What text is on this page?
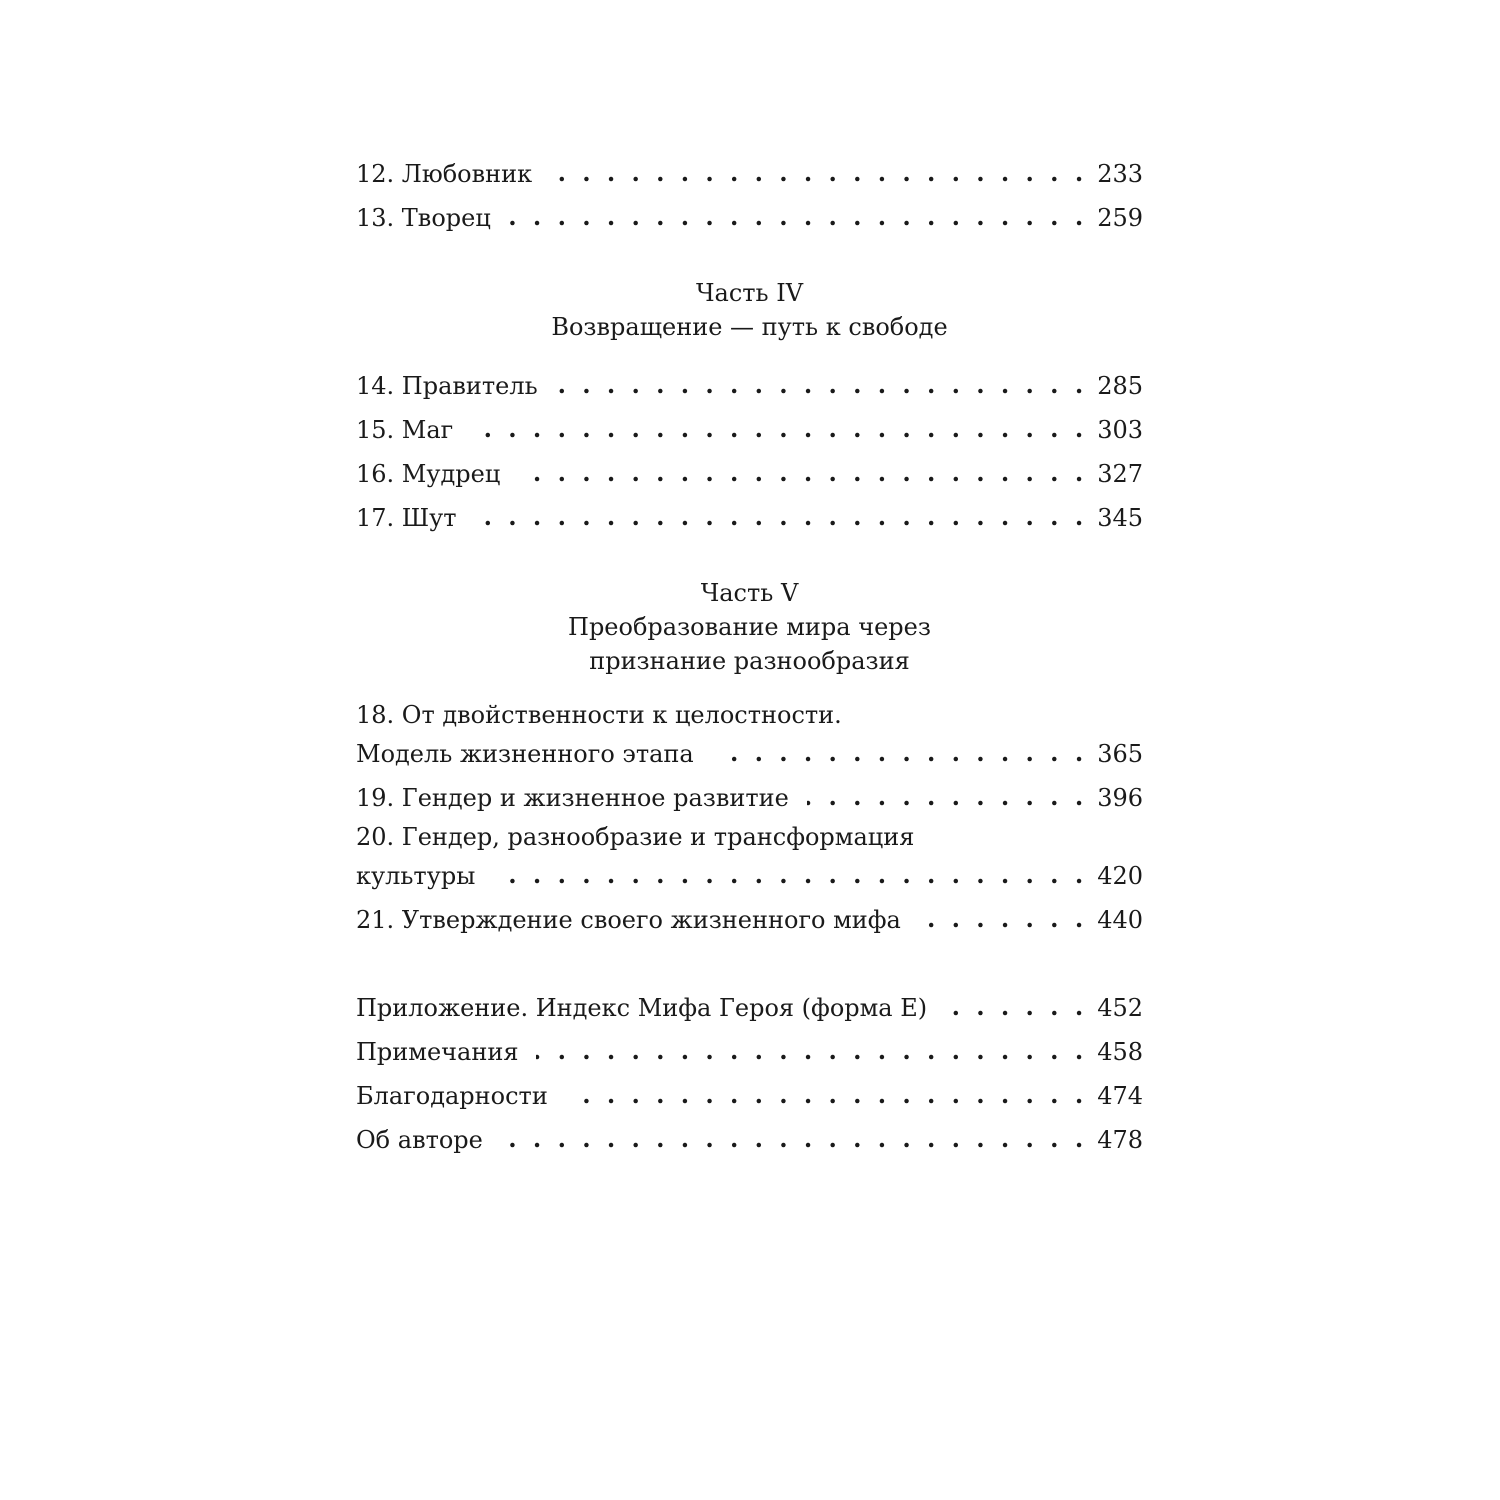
12. Любовник . . .	233
13. Творец . . .	259
Часть IV
Возвращение — путь к свободе
14. Правитель . . .	285
15. Маг . . .	303
16. Мудрец . . .	327
17. Шут . . .	345
Часть V
Преобразование мира через
признание разнообразия
18. От двойственности к целостности.
Модель жизненного этапа . . .	365
19. Гендер и жизненное развитие . . .	396
20. Гендер, разнообразие и трансформация
культуры . . .	420
21. Утверждение своего жизненного мифа . . .	440
Приложение. Индекс Мифа Героя (форма E) . . .	452
Примечания . . .	458
Благодарности . . .	474
Об авторе . . .	478
